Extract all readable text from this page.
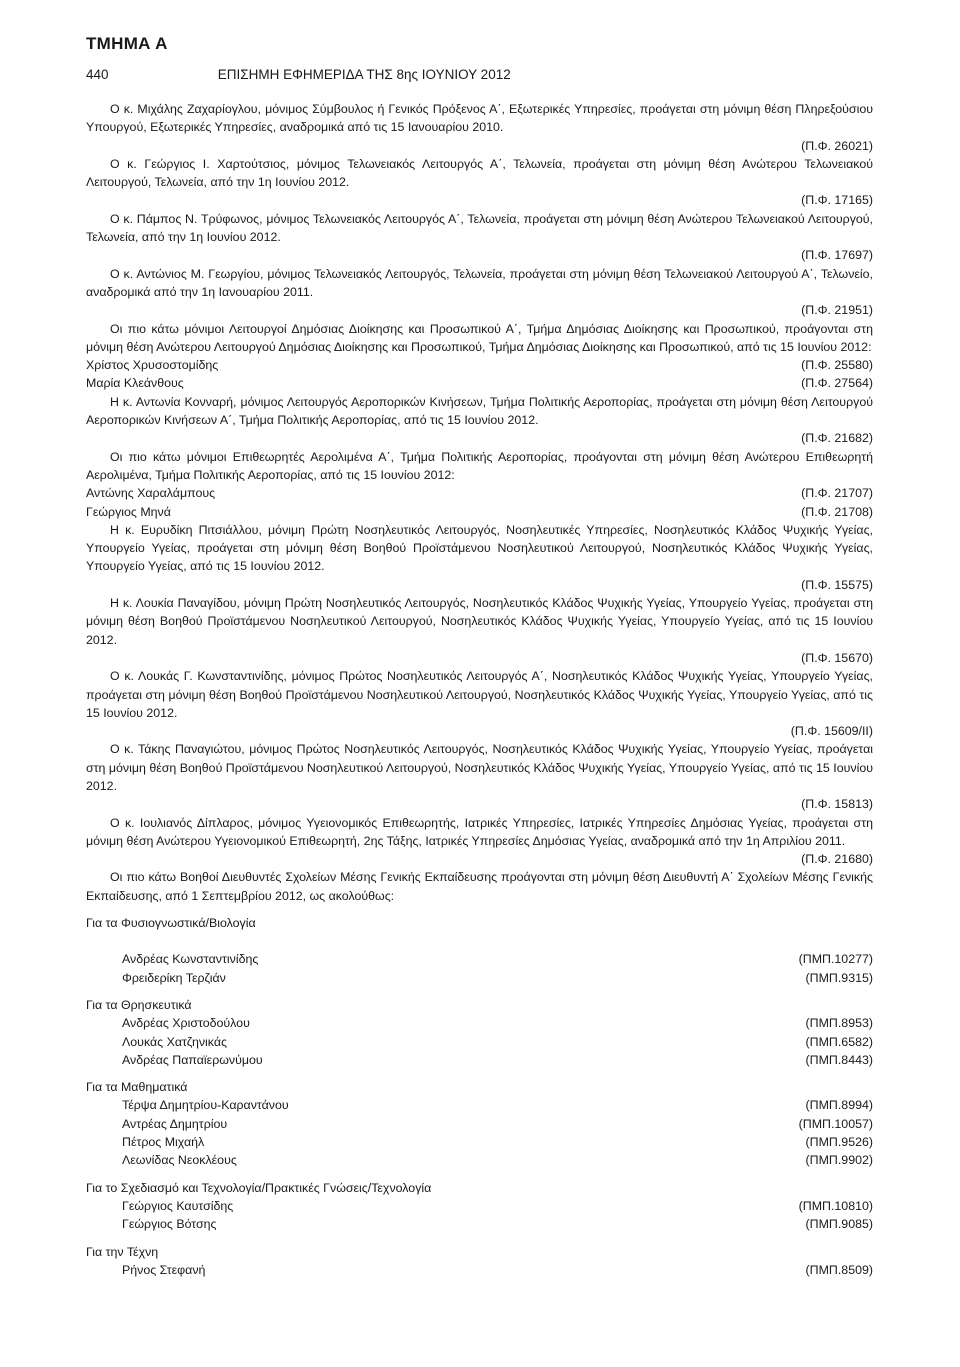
ΤΜΗΜΑ Α
440	ΕΠΙΣΗΜΗ ΕΦΗΜΕΡΙΔΑ ΤΗΣ 8ης ΙΟΥΝΙΟΥ 2012

Ο κ. Μιχάλης Ζαχαρίογλου, μόνιμος Σύμβουλος ή Γενικός Πρόξενος Α΄, Εξωτερικές Υπηρεσίες, προάγεται στη μόνιμη θέση Πληρεξούσιου Υπουργού, Εξωτερικές Υπηρεσίες, αναδρομικά από τις 15 Ιανουαρίου 2010.

(Π.Φ. 26021)

Ο κ. Γεώργιος Ι. Χαρτούτσιος, μόνιμος Τελωνειακός Λειτουργός Α΄, Τελωνεία, προάγεται στη μόνιμη θέση Ανώτερου Τελωνειακού Λειτουργού, Τελωνεία, από την 1η Ιουνίου 2012.

(Π.Φ. 17165)

Ο κ. Πάμπος Ν. Τρύφωνος, μόνιμος Τελωνειακός Λειτουργός Α΄, Τελωνεία, προάγεται στη μόνιμη θέση Ανώτερου Τελωνειακού Λειτουργού, Τελωνεία, από την 1η Ιουνίου 2012.

(Π.Φ. 17697)

Ο κ. Αντώνιος Μ. Γεωργίου, μόνιμος Τελωνειακός Λειτουργός, Τελωνεία, προάγεται στη μόνιμη θέση Τελωνειακού Λειτουργού Α΄, Τελωνείο, αναδρομικά από την 1η Ιανουαρίου 2011.

(Π.Φ. 21951)

Οι πιο κάτω μόνιμοι Λειτουργοί Δημόσιας Διοίκησης και Προσωπικού Α΄, Τμήμα Δημόσιας Διοίκησης και Προσωπικού, προάγονται στη μόνιμη θέση Ανώτερου Λειτουργού Δημόσιας Διοίκησης και Προσωπικού, Τμήμα Δημόσιας Διοίκησης και Προσωπικού, από τις 15 Ιουνίου 2012:

Χρίστος Χρυσοστομίδης	(Π.Φ. 25580)
Μαρία Κλεάνθους	(Π.Φ. 27564)

Η κ. Αντωνία Κονναρή, μόνιμος Λειτουργός Αεροπορικών Κινήσεων, Τμήμα Πολιτικής Αεροπορίας, προάγεται στη μόνιμη θέση Λειτουργού Αεροπορικών Κινήσεων Α΄, Τμήμα Πολιτικής Αεροπορίας, από τις 15 Ιουνίου 2012.

(Π.Φ. 21682)

Οι πιο κάτω μόνιμοι Επιθεωρητές Αερολιμένα Α΄, Τμήμα Πολιτικής Αεροπορίας, προάγονται στη μόνιμη θέση Ανώτερου Επιθεωρητή Αερολιμένα, Τμήμα Πολιτικής Αεροπορίας, από τις 15 Ιουνίου 2012:

Αντώνης Χαραλάμπους	(Π.Φ. 21707)
Γεώργιος Μηνά	(Π.Φ. 21708)

Η κ. Ευρυδίκη Πιτσιάλλου, μόνιμη Πρώτη Νοσηλευτικός Λειτουργός, Νοσηλευτικές Υπηρεσίες, Νοσηλευτικός Κλάδος Ψυχικής Υγείας, Υπουργείο Υγείας, προάγεται στη μόνιμη θέση Βοηθού Προϊστάμενου Νοσηλευτικού Λειτουργού, Νοσηλευτικός Κλάδος Ψυχικής Υγείας, Υπουργείο Υγείας, από τις 15 Ιουνίου 2012.

(Π.Φ. 15575)

Η κ. Λουκία Παναγίδου, μόνιμη Πρώτη Νοσηλευτικός Λειτουργός, Νοσηλευτικός Κλάδος Ψυχικής Υγείας, Υπουργείο Υγείας, προάγεται στη μόνιμη θέση Βοηθού Προϊστάμενου Νοσηλευτικού Λειτουργού, Νοσηλευτικός Κλάδος Ψυχικής Υγείας, Υπουργείο Υγείας, από τις 15 Ιουνίου 2012.

(Π.Φ. 15670)

Ο κ. Λουκάς Γ. Κωνσταντινίδης, μόνιμος Πρώτος Νοσηλευτικός Λειτουργός Α΄, Νοσηλευτικός Κλάδος Ψυχικής Υγείας, Υπουργείο Υγείας, προάγεται στη μόνιμη θέση Βοηθού Προϊστάμενου Νοσηλευτικού Λειτουργού, Νοσηλευτικός Κλάδος Ψυχικής Υγείας, Υπουργείο Υγείας, από τις 15 Ιουνίου 2012.

(Π.Φ. 15609/II)

Ο κ. Τάκης Παναγιώτου, μόνιμος Πρώτος Νοσηλευτικός Λειτουργός, Νοσηλευτικός Κλάδος Ψυχικής Υγείας, Υπουργείο Υγείας, προάγεται στη μόνιμη θέση Βοηθού Προϊστάμενου Νοσηλευτικού Λειτουργού, Νοσηλευτικός Κλάδος Ψυχικής Υγείας, Υπουργείο Υγείας, από τις 15 Ιουνίου 2012.

(Π.Φ. 15813)

Ο κ. Ιουλιανός Δίπλαρος, μόνιμος Υγειονομικός Επιθεωρητής, Ιατρικές Υπηρεσίες, Ιατρικές Υπηρεσίες Δημόσιας Υγείας, προάγεται στη μόνιμη θέση Ανώτερου Υγειονομικού Επιθεωρητή, 2ης Τάξης, Ιατρικές Υπηρεσίες Δημόσιας Υγείας, αναδρομικά από την 1η Απριλίου 2011.

(Π.Φ. 21680)

Οι πιο κάτω Βοηθοί Διευθυντές Σχολείων Μέσης Γενικής Εκπαίδευσης προάγονται στη μόνιμη θέση Διευθυντή Α΄ Σχολείων Μέσης Γενικής Εκπαίδευσης, από 1 Σεπτεμβρίου 2012, ως ακολούθως:

Για τα Φυσιογνωστικά/Βιολογία

Ανδρέας Κωνσταντινίδης	(ΠΜΠ.10277)
Φρειδερίκη Τερζιάν	(ΠΜΠ.9315)

Για τα Θρησκευτικά

Ανδρέας Χριστοδούλου	(ΠΜΠ.8953)
Λουκάς Χατζηνικάς	(ΠΜΠ.6582)
Ανδρέας Παπαϊερωνύμου	(ΠΜΠ.8443)

Για τα Μαθηματικά

Τέρψα Δημητρίου-Καραντάνου	(ΠΜΠ.8994)
Αντρέας Δημητρίου	(ΠΜΠ.10057)
Πέτρος Μιχαήλ	(ΠΜΠ.9526)
Λεωνίδας Νεοκλέους	(ΠΜΠ.9902)

Για το Σχεδιασμό και Τεχνολογία/Πρακτικές Γνώσεις/Τεχνολογία

Γεώργιος Καυτσίδης	(ΠΜΠ.10810)
Γεώργιος Βότσης	(ΠΜΠ.9085)

Για την Τέχνη

Ρήνος Στεφανή	(ΠΜΠ.8509)
